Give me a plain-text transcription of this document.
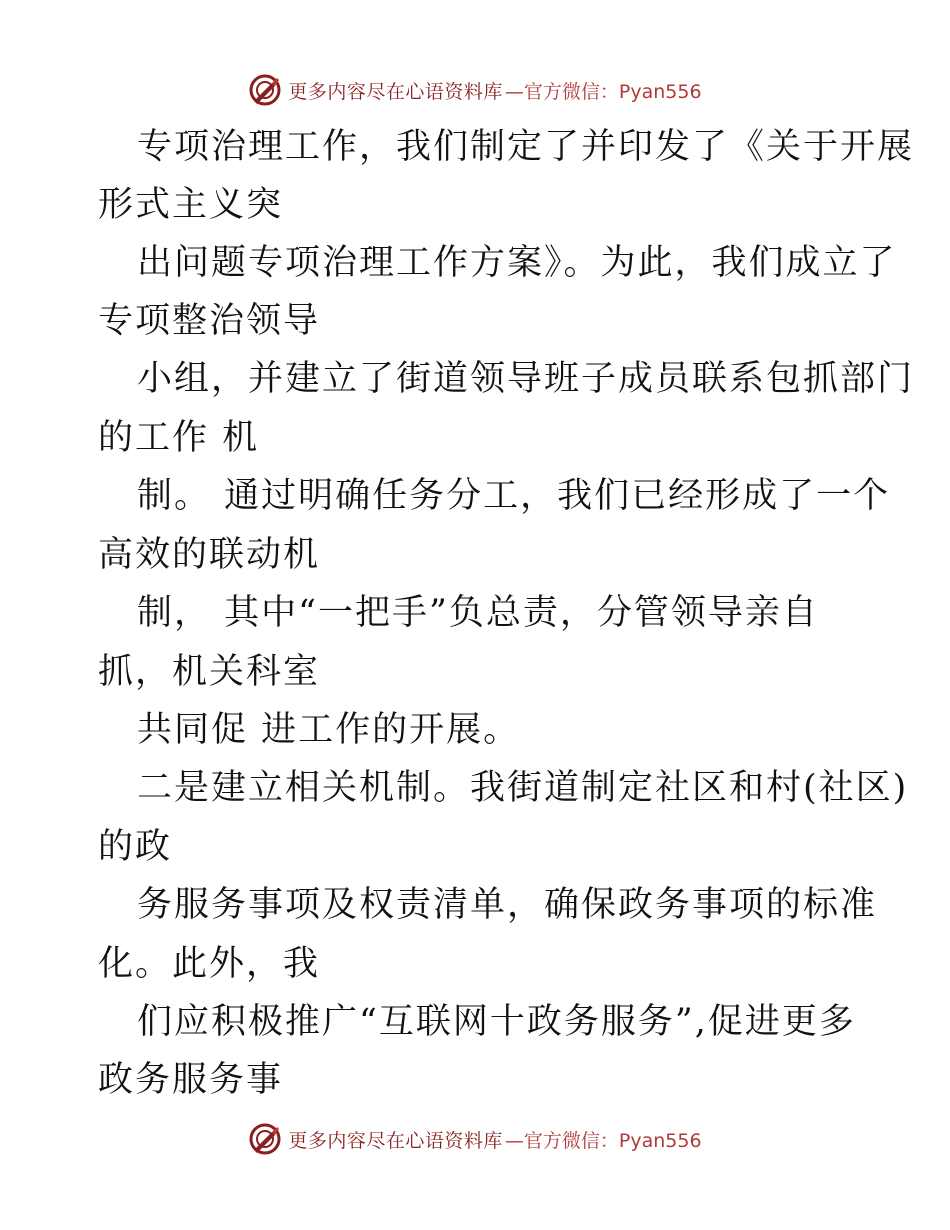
更多内容尽在心语资料库 —官方微信：Pyan556
专项治理工作，我们制定了并印发了《关于开展
形式主义突
出问题专项治理工作方案》。为此，我们成立了
专项整治领导
小组，并建立了街道领导班子成员联系包抓部门
的工作 机
制。 通过明确任务分工，我们已经形成了一个
高效的联动机
制， 其中“一把手”负总责，分管领导亲自
抓，机关科室
共同促 进工作的开展。
二是建立相关机制。我街道制定社区和村(社区)
的政
务服务事项及权责清单，确保政务事项的标准
化。此外，我
们应积极推广“互联网十政务服务”,促进更多
政务服务事
更多内容尽在心语资料库 —官方微信：Pyan556
